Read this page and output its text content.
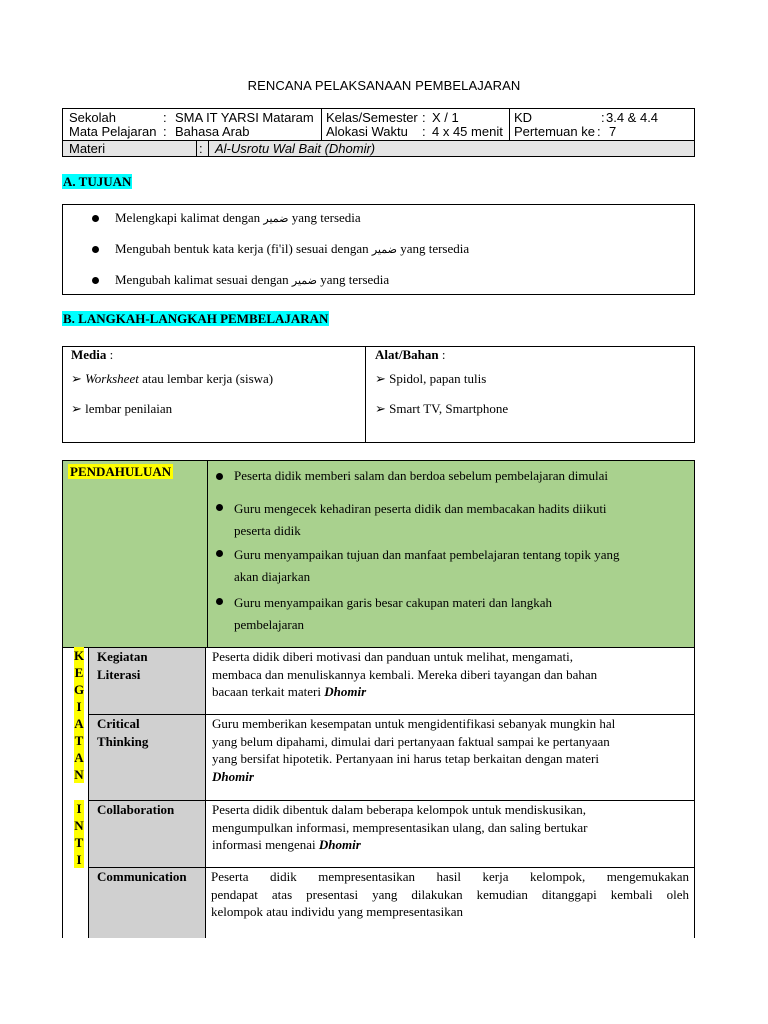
RENCANA PELAKSANAAN PEMBELAJARAN
Sekolah	: SMA IT YARSI Mataram
Mata Pelajaran : Bahasa Arab
Kelas/Semester : X / 1
Alokasi Waktu : 4 x 45 menit
KD	: 3.4 & 4.4
Pertemuan ke : 7
Materi	: Al-Usrotu Wal Bait (Dhomir)
A. TUJUAN
Melengkapi kalimat dengan ضمير yang tersedia
Mengubah bentuk kata kerja (fi'il) sesuai dengan ضمير yang tersedia
Mengubah kalimat sesuai dengan ضمير yang tersedia
B. LANGKAH-LANGKAH PEMBELAJARAN
Media :
➢ Worksheet atau lembar kerja (siswa)
➢ lembar penilaian
Alat/Bahan :
➢ Spidol, papan tulis
➢ Smart TV, Smartphone
PENDAHULUAN	Peserta didik memberi salam dan berdoa sebelum pembelajaran dimulai
Guru mengecek kehadiran peserta didik dan membacakan hadits diikuti
peserta didik
Guru menyampaikan tujuan dan manfaat pembelajaran tentang topik yang
akan diajarkan
Guru menyampaikan garis besar cakupan materi dan langkah
pembelajaran
K
E
G
I
A
T
A
N
I
N
T
I
Kegiatan
Literasi
Peserta didik diberi motivasi dan panduan untuk melihat, mengamati,
membaca dan menuliskannya kembali. Mereka diberi tayangan dan bahan
bacaan terkait materi Dhomir
Critical
Thinking
Guru memberikan kesempatan untuk mengidentifikasi sebanyak mungkin hal
yang belum dipahami, dimulai dari pertanyaan faktual sampai ke pertanyaan
yang bersifat hipotetik. Pertanyaan ini harus tetap berkaitan dengan materi
Dhomir
Collaboration	Peserta didik dibentuk dalam beberapa kelompok untuk mendiskusikan,
mengumpulkan informasi, mempresentasikan ulang, dan saling bertukar
informasi mengenai Dhomir
Communication	Peserta didik mempresentasikan hasil kerja kelompok, mengemukakan
pendapat atas presentasi yang dilakukan kemudian ditanggapi kembali oleh
kelompok atau individu yang mempresentasikan
